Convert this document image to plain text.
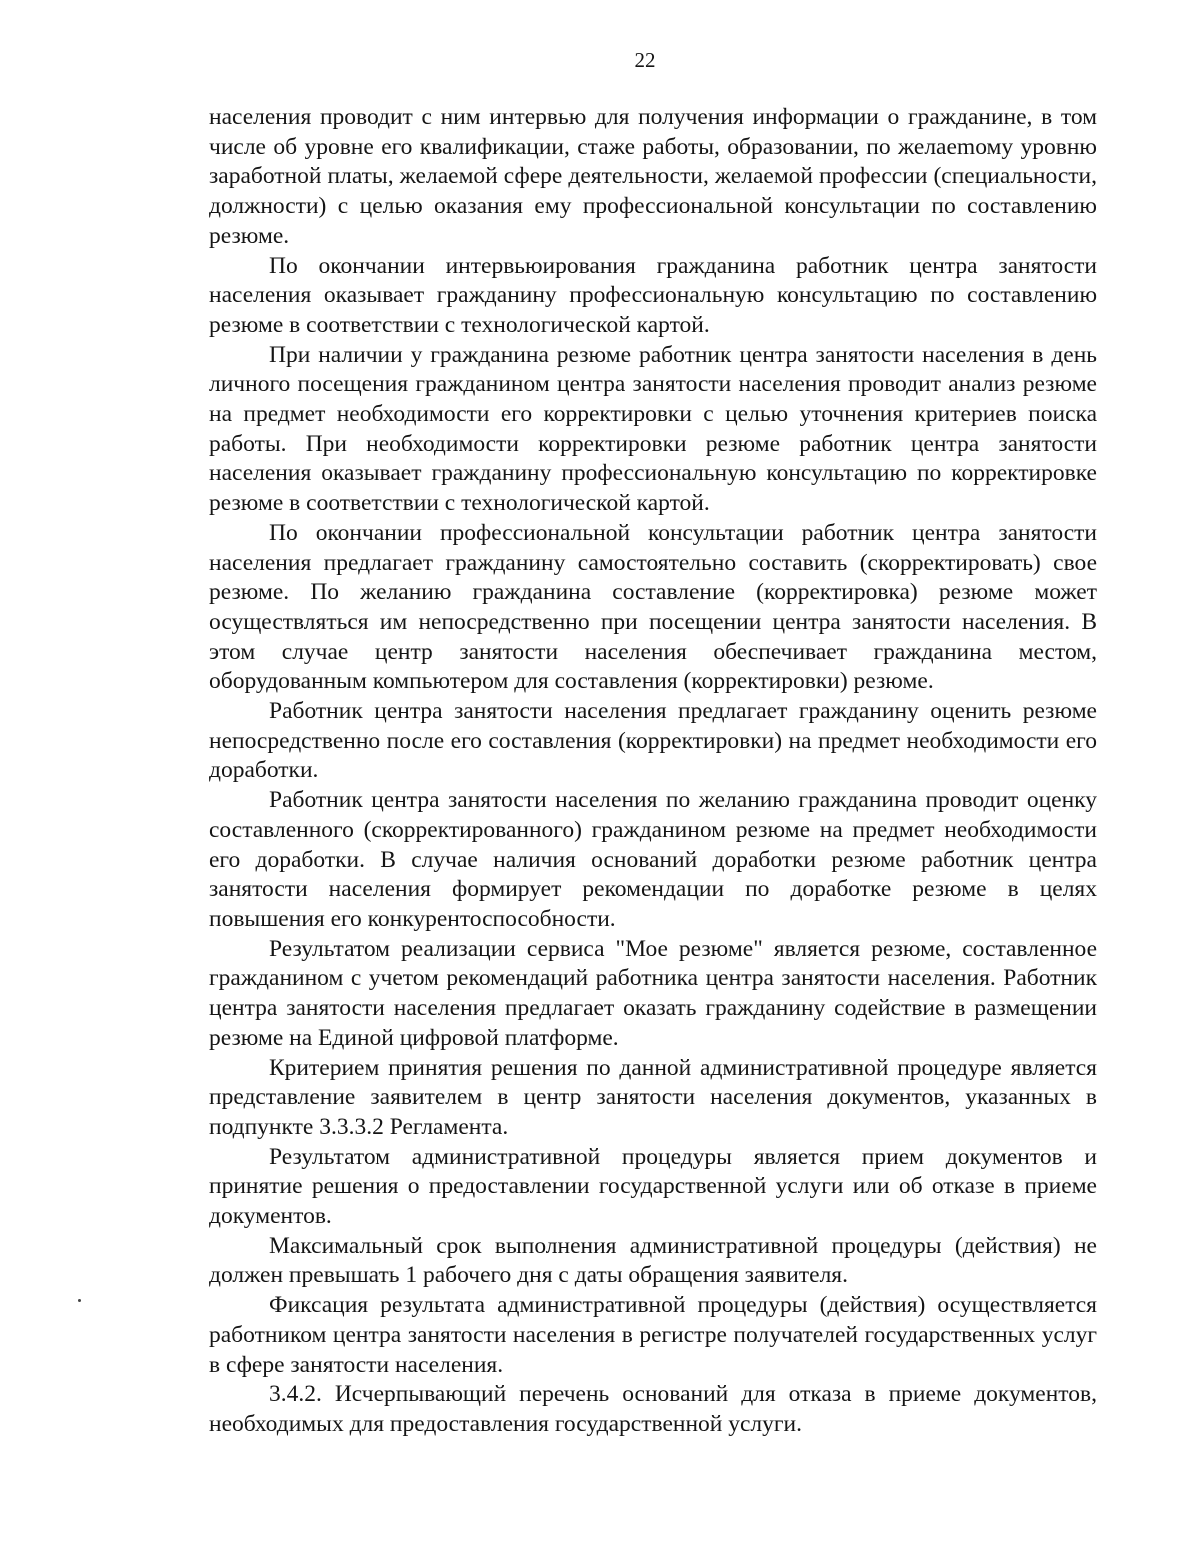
22

населения проводит с ним интервью для получения информации о гражданине, в том числе об уровне его квалификации, стаже работы, образовании, по желаеmому уровню заработной платы, желаемой сфере деятельности, желаемой профессии (специальности, должности) с целью оказания ему профессиональной консультации по составлению резюме.

По окончании интервьюирования гражданина работник центра занятости населения оказывает гражданину профессиональную консультацию по составлению резюме в соответствии с технологической картой.

При наличии у гражданина резюме работник центра занятости населения в день личного посещения гражданином центра занятости населения проводит анализ резюме на предмет необходимости его корректировки с целью уточнения критериев поиска работы. При необходимости корректировки резюме работник центра занятости населения оказывает гражданину профессиональную консультацию по корректировке резюме в соответствии с технологической картой.

По окончании профессиональной консультации работник центра занятости населения предлагает гражданину самостоятельно составить (скорректировать) свое резюме. По желанию гражданина составление (корректировка) резюме может осуществляться им непосредственно при посещении центра занятости населения. В этом случае центр занятости населения обеспечивает гражданина местом, оборудованным компьютером для составления (корректировки) резюме.

Работник центра занятости населения предлагает гражданину оценить резюме непосредственно после его составления (корректировки) на предмет необходимости его доработки.

Работник центра занятости населения по желанию гражданина проводит оценку составленного (скорректированного) гражданином резюме на предмет необходимости его доработки. В случае наличия оснований доработки резюме работник центра занятости населения формирует рекомендации по доработке резюме в целях повышения его конкурентоспособности.

Результатом реализации сервиса "Мое резюме" является резюме, составленное гражданином с учетом рекомендаций работника центра занятости населения. Работник центра занятости населения предлагает оказать гражданину содействие в размещении резюме на Единой цифровой платформе.

Критерием принятия решения по данной административной процедуре является представление заявителем в центр занятости населения документов, указанных в подпункте 3.3.3.2 Регламента.

Результатом административной процедуры является прием документов и принятие решения о предоставлении государственной услуги или об отказе в приеме документов.

Максимальный срок выполнения административной процедуры (действия) не должен превышать 1 рабочего дня с даты обращения заявителя.

Фиксация результата административной процедуры (действия) осуществляется работником центра занятости населения в регистре получателей государственных услуг в сфере занятости населения.

3.4.2. Исчерпывающий перечень оснований для отказа в приеме документов, необходимых для предоставления государственной услуги.
